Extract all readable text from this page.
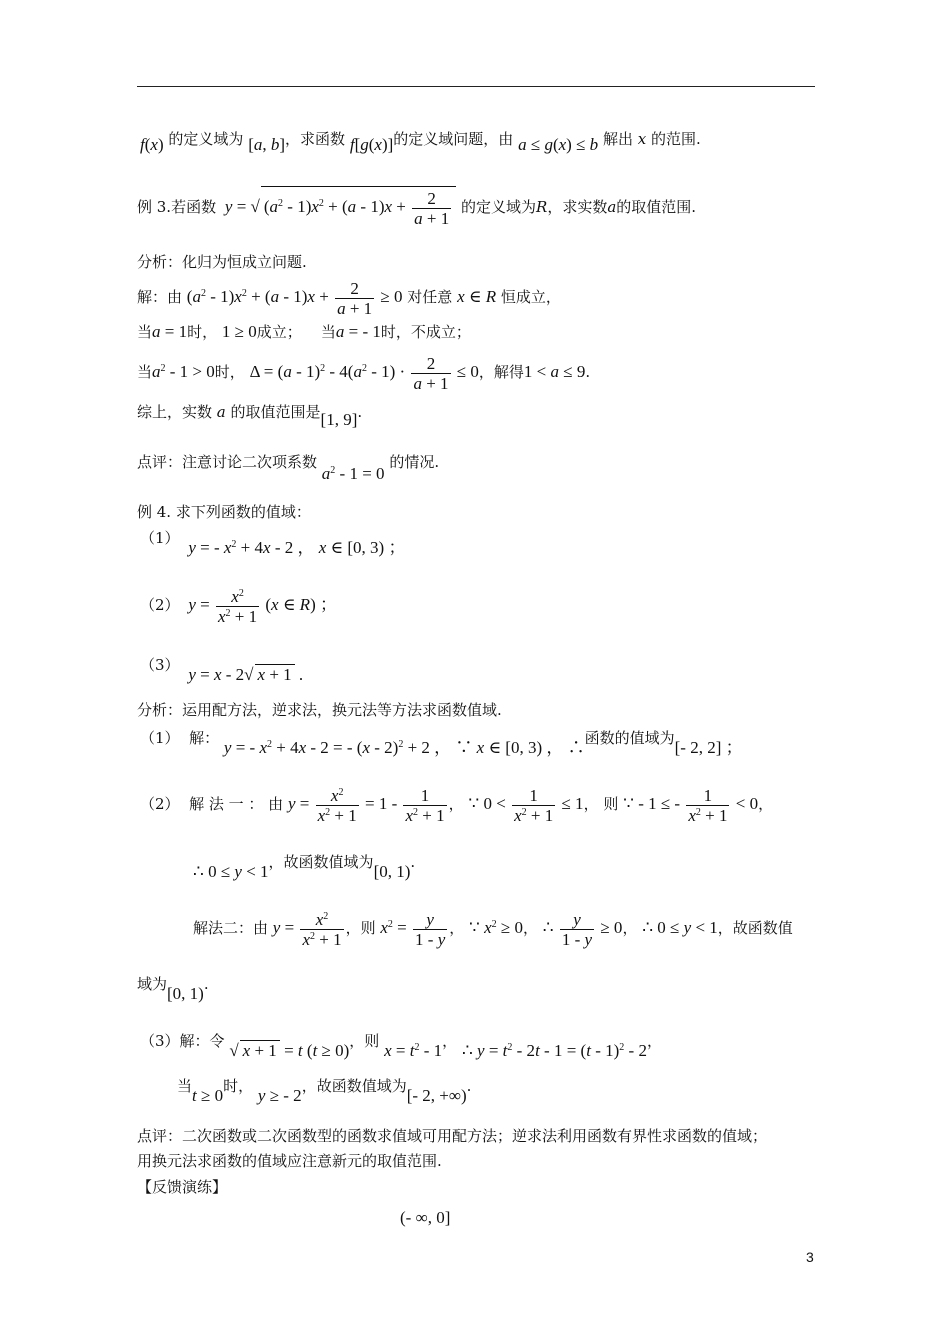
f(x) 的定义域为 [a, b]，求函数 f[g(x)]的定义域问题，由 a ≤ g(x) ≤ b 解出 x 的范围.
例 3.若函数 y = √ $(a^2 - 1)x^2 + (a - 1)x + \frac{2}{a + 1}$ 的定义域为R，求实数a的取值范围.
分析：化归为恒成立问题.
解：由 $(a^2 - 1)x^2 + (a - 1)x + \frac{2}{a + 1} \ge 0$ 对任意 x ∈ R 恒成立，
当a = 1时， 1 ≥ 0成立； 当a = - 1时，不成立；
当$a^2 - 1 > 0$时， $\Delta = (a - 1)^2 - 4(a^2 - 1) \cdot \frac{2}{a + 1} \le 0$，解得1 < a ≤ 9.
综上，实数 a 的取值范围是[1, 9].
点评：注意讨论二次项系数 $a^2 - 1 = 0$ 的情况.
例 4. 求下列函数的值域：
（1） y = - $x^2 + 4x - 2$ ， x ∈ [0, 3) ；
（2） $y = \frac{x^2}{x^2 + 1} (x$ ∈ R) ；
（3） y = x - 2√ x + 1 .
分析：运用配方法，逆求法，换元法等方法求函数值域.
（1） 解： y = - $x^2 + 4x - 2$ = - (x - 2)$^2$ + 2 ， ∵ x ∈ [0, 3) ， ∴函数的值域为[- 2, 2] ；
（2） 解 法 一 ： 由 $y = \frac{x^2}{x^2 + 1} = 1 - \frac{1}{x^2 + 1}$ ， ∵ $0 < \frac{1}{x^2 + 1} \le 1$， 则 ∵ - 1 ≤ - $\frac{1}{x^2 + 1} < 0$，
∴ 0 ≤ y < 1，故函数值域为[0, 1).
解法二：由 $y = \frac{x^2}{x^2 + 1}$ ，则 $x^2 = \frac{y}{1 - y}$ ， ∵ $x^2 \ge 0$， ∴ $\frac{y}{1 - y} \ge 0$， ∴ 0 ≤ y < 1，故函数值
域为[0, 1).
（3）解：令 √ x + 1 = t (t ≥ 0)，则 $x = t^2 - 1$， ∴ $y = t^2 - 2t - 1 = (t - 1)^2 - 2$，
当t ≥ 0时， y ≥ - 2，故函数值域为[- 2, +∞).
点评：二次函数或二次函数型的函数求值域可用配方法；逆求法利用函数有界性求函数的值域；
用换元法求函数的值域应注意新元的取值范围.
【反馈演练】
(- ∞, 0]
3
